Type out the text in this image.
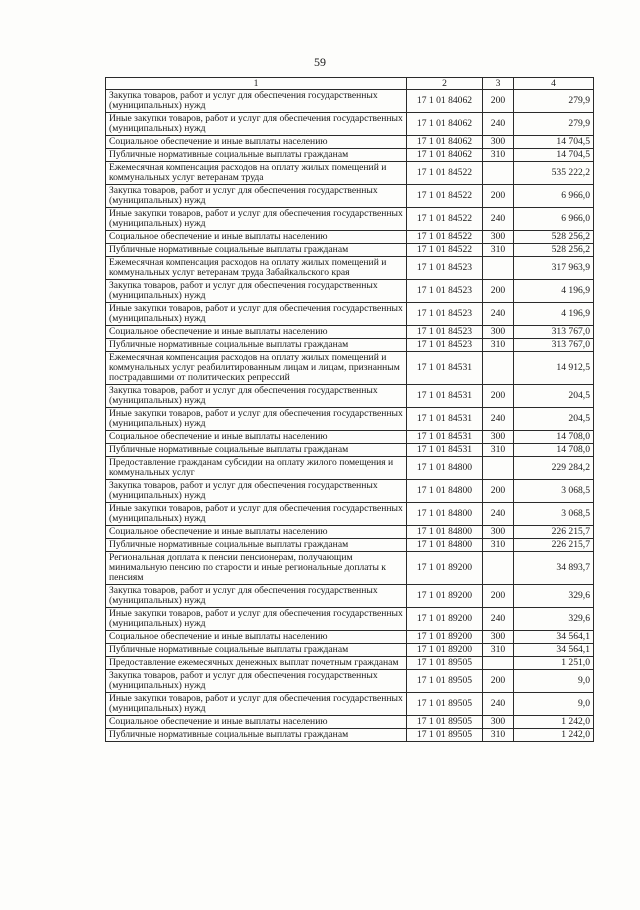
59
1	2	3	4
Закупка товаров, работ и услуг для обеспечения государственных (муниципальных) нужд	17 1 01 84062	200	279,9
Иные закупки товаров, работ и услуг для обеспечения государственных (муниципальных) нужд	17 1 01 84062	240	279,9
Социальное обеспечение и иные выплаты населению	17 1 01 84062	300	14 704,5
Публичные нормативные социальные выплаты гражданам	17 1 01 84062	310	14 704,5
Ежемесячная компенсация расходов на оплату жилых помещений и коммунальных услуг ветеранам труда	17 1 01 84522		535 222,2
Закупка товаров, работ и услуг для обеспечения государственных (муниципальных) нужд	17 1 01 84522	200	6 966,0
Иные закупки товаров, работ и услуг для обеспечения государственных (муниципальных) нужд	17 1 01 84522	240	6 966,0
Социальное обеспечение и иные выплаты населению	17 1 01 84522	300	528 256,2
Публичные нормативные социальные выплаты гражданам	17 1 01 84522	310	528 256,2
Ежемесячная компенсация расходов на оплату жилых помещений и коммунальных услуг ветеранам труда Забайкальского края	17 1 01 84523		317 963,9
Закупка товаров, работ и услуг для обеспечения государственных (муниципальных) нужд	17 1 01 84523	200	4 196,9
Иные закупки товаров, работ и услуг для обеспечения государственных (муниципальных) нужд	17 1 01 84523	240	4 196,9
Социальное обеспечение и иные выплаты населению	17 1 01 84523	300	313 767,0
Публичные нормативные социальные выплаты гражданам	17 1 01 84523	310	313 767,0
Ежемесячная компенсация расходов на оплату жилых помещений и коммунальных услуг реабилитированным лицам и лицам, признанным пострадавшими от политических репрессий	17 1 01 84531		14 912,5
Закупка товаров, работ и услуг для обеспечения государственных (муниципальных) нужд	17 1 01 84531	200	204,5
Иные закупки товаров, работ и услуг для обеспечения государственных (муниципальных) нужд	17 1 01 84531	240	204,5
Социальное обеспечение и иные выплаты населению	17 1 01 84531	300	14 708,0
Публичные нормативные социальные выплаты гражданам	17 1 01 84531	310	14 708,0
Предоставление гражданам субсидии на оплату жилого помещения и коммунальных услуг	17 1 01 84800		229 284,2
Закупка товаров, работ и услуг для обеспечения государственных (муниципальных) нужд	17 1 01 84800	200	3 068,5
Иные закупки товаров, работ и услуг для обеспечения государственных (муниципальных) нужд	17 1 01 84800	240	3 068,5
Социальное обеспечение и иные выплаты населению	17 1 01 84800	300	226 215,7
Публичные нормативные социальные выплаты гражданам	17 1 01 84800	310	226 215,7
Региональная доплата к пенсии пенсионерам, получающим минимальную пенсию по старости и иные региональные доплаты к пенсиям	17 1 01 89200		34 893,7
Закупка товаров, работ и услуг для обеспечения государственных (муниципальных) нужд	17 1 01 89200	200	329,6
Иные закупки товаров, работ и услуг для обеспечения государственных (муниципальных) нужд	17 1 01 89200	240	329,6
Социальное обеспечение и иные выплаты населению	17 1 01 89200	300	34 564,1
Публичные нормативные социальные выплаты гражданам	17 1 01 89200	310	34 564,1
Предоставление ежемесячных денежных выплат почетным гражданам	17 1 01 89505		1 251,0
Закупка товаров, работ и услуг для обеспечения государственных (муниципальных) нужд	17 1 01 89505	200	9,0
Иные закупки товаров, работ и услуг для обеспечения государственных (муниципальных) нужд	17 1 01 89505	240	9,0
Социальное обеспечение и иные выплаты населению	17 1 01 89505	300	1 242,0
Публичные нормативные социальные выплаты гражданам	17 1 01 89505	310	1 242,0
